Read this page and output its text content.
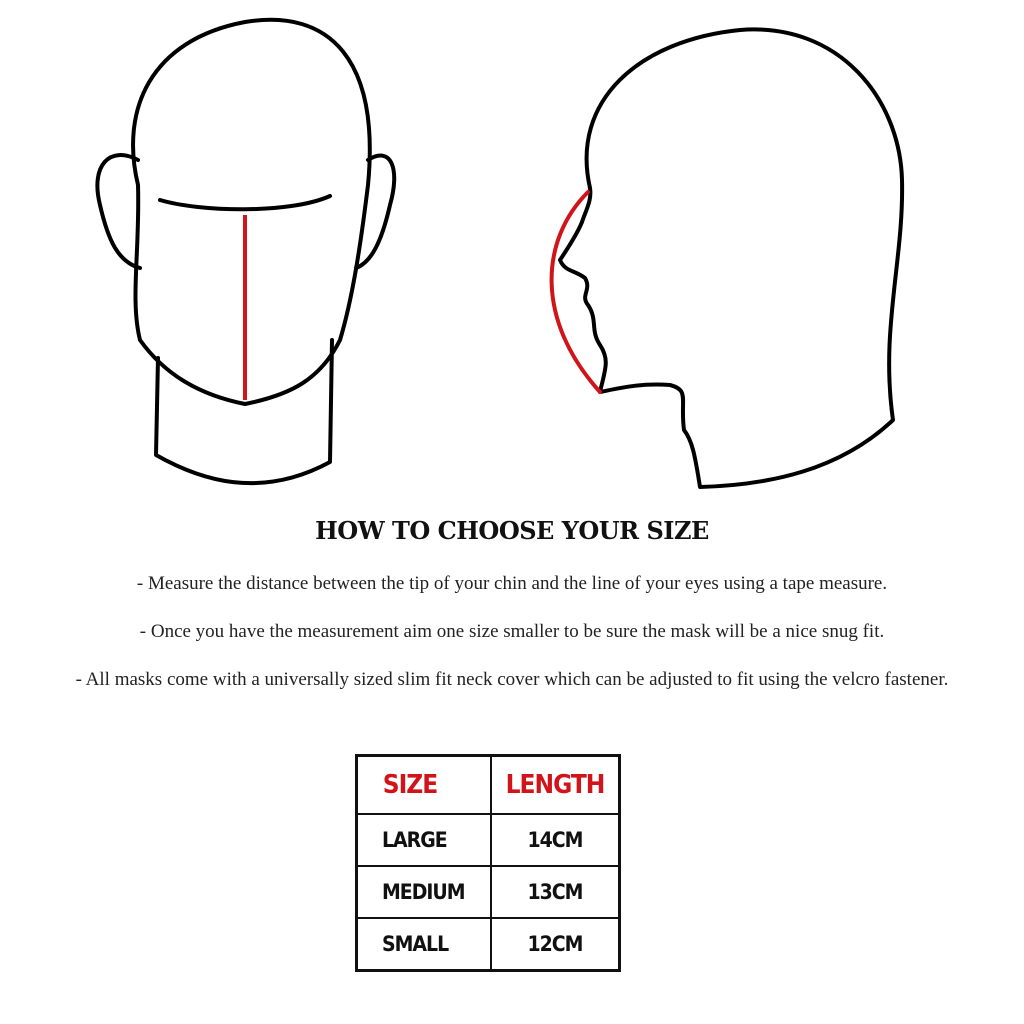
HOW TO CHOOSE YOUR SIZE
- Measure the distance between the tip of your chin and the line of your eyes using a tape measure.
- Once you have the measurement aim one size smaller to be sure the mask will be a nice snug fit.
- All masks come with a universally sized slim fit neck cover which can be adjusted to fit using the velcro fastener.
SIZE	LENGTH
LARGE	14CM
MEDIUM	13CM
SMALL	12CM
